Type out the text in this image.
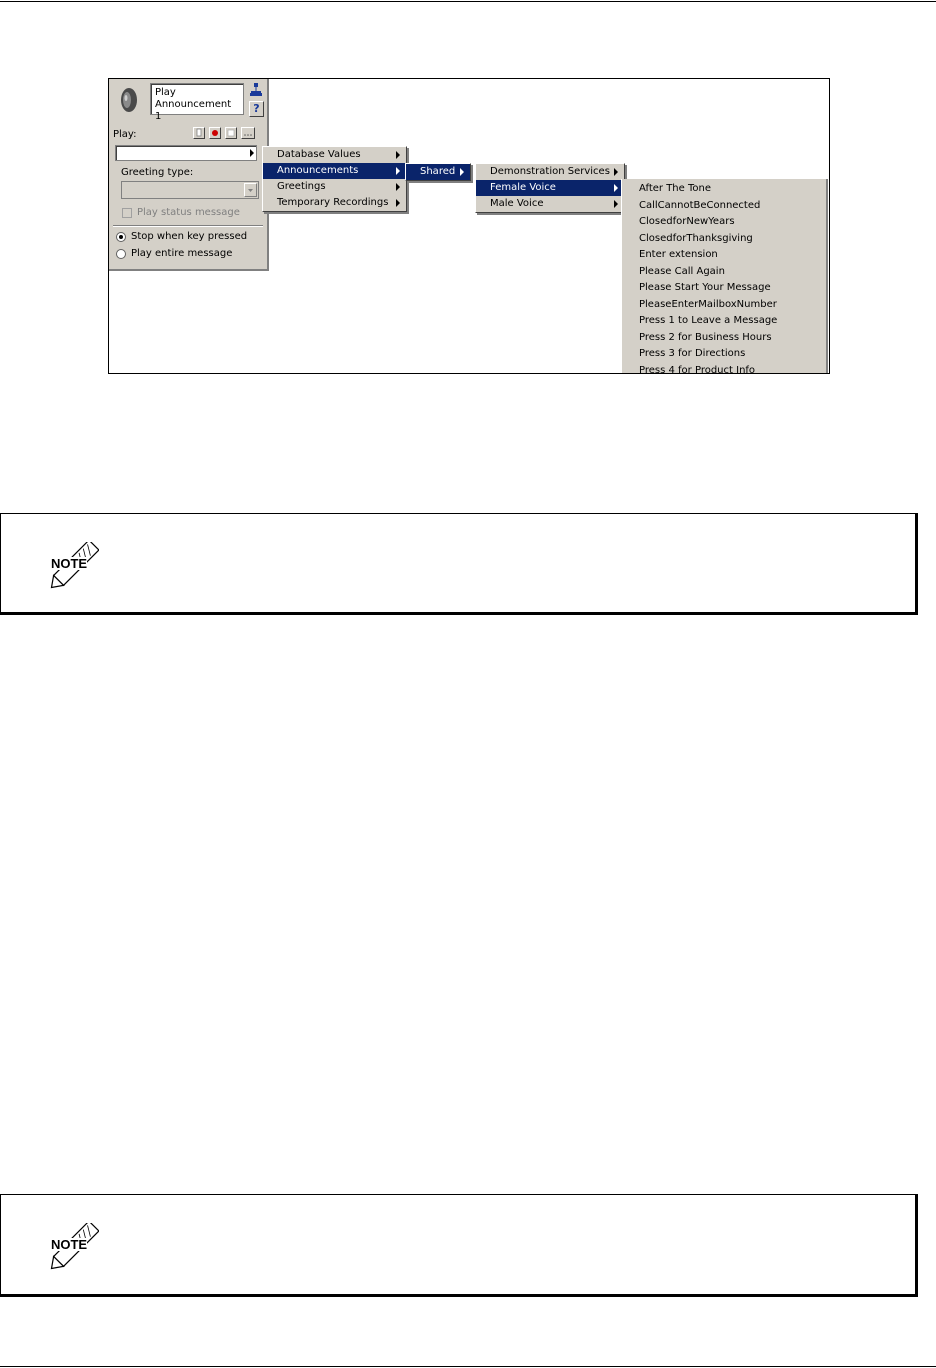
Play
Announcement 1
?
Play:
Greeting type:
Play status message
Stop when key pressed
Play entire message
Database Values
Announcements
Greetings
Temporary Recordings
Shared	Demonstration Services
Female Voice
Male Voice
After The Tone
CallCannotBeConnected
ClosedforNewYears
ClosedforThanksgiving
Enter extension
Please Call Again
Please Start Your Message
PleaseEnterMailboxNumber
Press 1 to Leave a Message
Press 2 for Business Hours
Press 3 for Directions
Press 4 for Product Info
NOTE
NOTE
